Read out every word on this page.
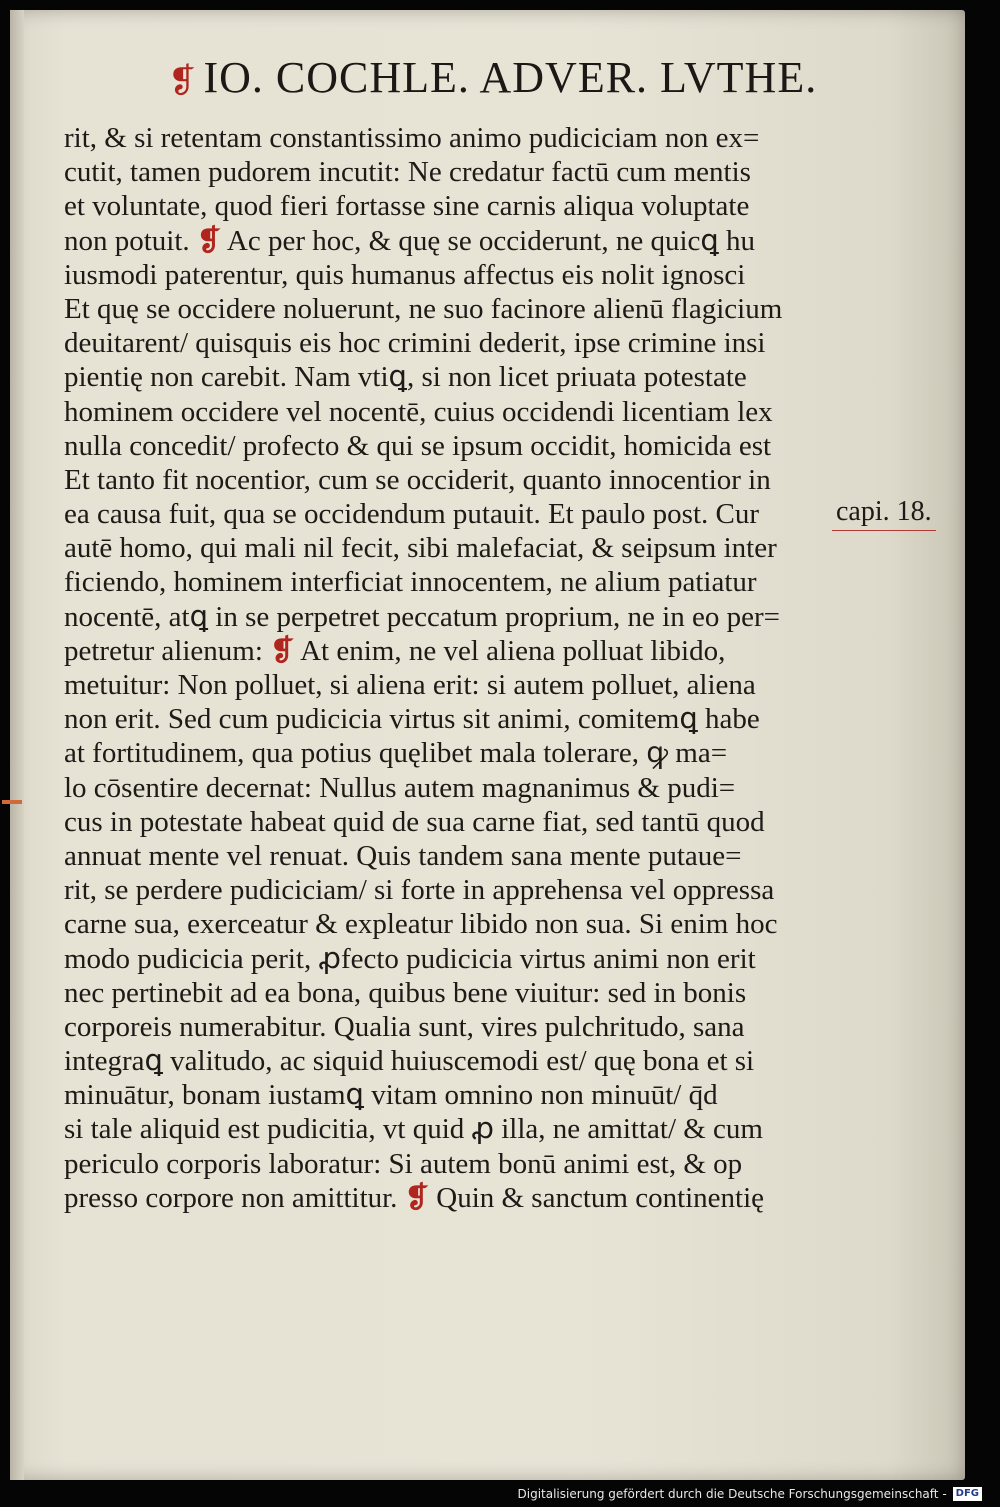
❡ IO. COCHLE. ADVER. LVTHE.
rit, & si retentam constantissimo animo pudiciciam non ex=
cutit, tamen pudorem incutit: Ne credatur factū cum mentis
et voluntate, quod fieri fortasse sine carnis aliqua voluptate
non potuit. ❡ Ac per hoc, & quę se occiderunt, ne quicꝗ hu
iusmodi paterentur, quis humanus affectus eis nolit ignosci
Et quę se occidere noluerunt, ne suo facinore alienū flagicium
deuitarent/ quisquis eis hoc crimini dederit, ipse crimine insi
pientię non carebit. Nam vtiꝗ, si non licet priuata potestate
hominem occidere vel nocentē, cuius occidendi licentiam lex
nulla concedit/ profecto & qui se ipsum occidit, homicida est
Et tanto fit nocentior, cum se occiderit, quanto innocentior in
ea causa fuit, qua se occidendum putauit. Et paulo post. Cur
autē homo, qui mali nil fecit, sibi malefaciat, & seipsum inter
ficiendo, hominem interficiat innocentem, ne alium patiatur
nocentē, atꝗ in se perpetret peccatum proprium, ne in eo per=
petretur alienum: ❡ At enim, ne vel aliena polluat libido,
metuitur: Non polluet, si aliena erit: si autem polluet, aliena
non erit. Sed cum pudicicia virtus sit animi, comitemꝗ habe
at fortitudinem, qua potius quęlibet mala tolerare, ꝙ ma=
lo cōsentire decernat: Nullus autem magnanimus & pudi=
cus in potestate habeat quid de sua carne fiat, sed tantū quod
annuat mente vel renuat. Quis tandem sana mente putaue=
rit, se perdere pudiciciam/ si forte in apprehensa vel oppressa
carne sua, exerceatur & expleatur libido non sua. Si enim hoc
modo pudicicia perit, ꝓfecto pudicicia virtus animi non erit
nec pertinebit ad ea bona, quibus bene viuitur: sed in bonis
corporeis numerabitur. Qualia sunt, vires pulchritudo, sana
integraꝗ valitudo, ac siquid huiuscemodi est/ quę bona et si
minuātur, bonam iustamꝗ vitam omnino non minuūt/ q̄d
si tale aliquid est pudicitia, vt quid ꝓ illa, ne amittat/ & cum
periculo corporis laboratur: Si autem bonū animi est, & op
presso corpore non amittitur. ❡ Quin & sanctum continentię
capi. 18.
Digitalisierung gefördert durch die Deutsche Forschungsgemeinschaft - DFG
